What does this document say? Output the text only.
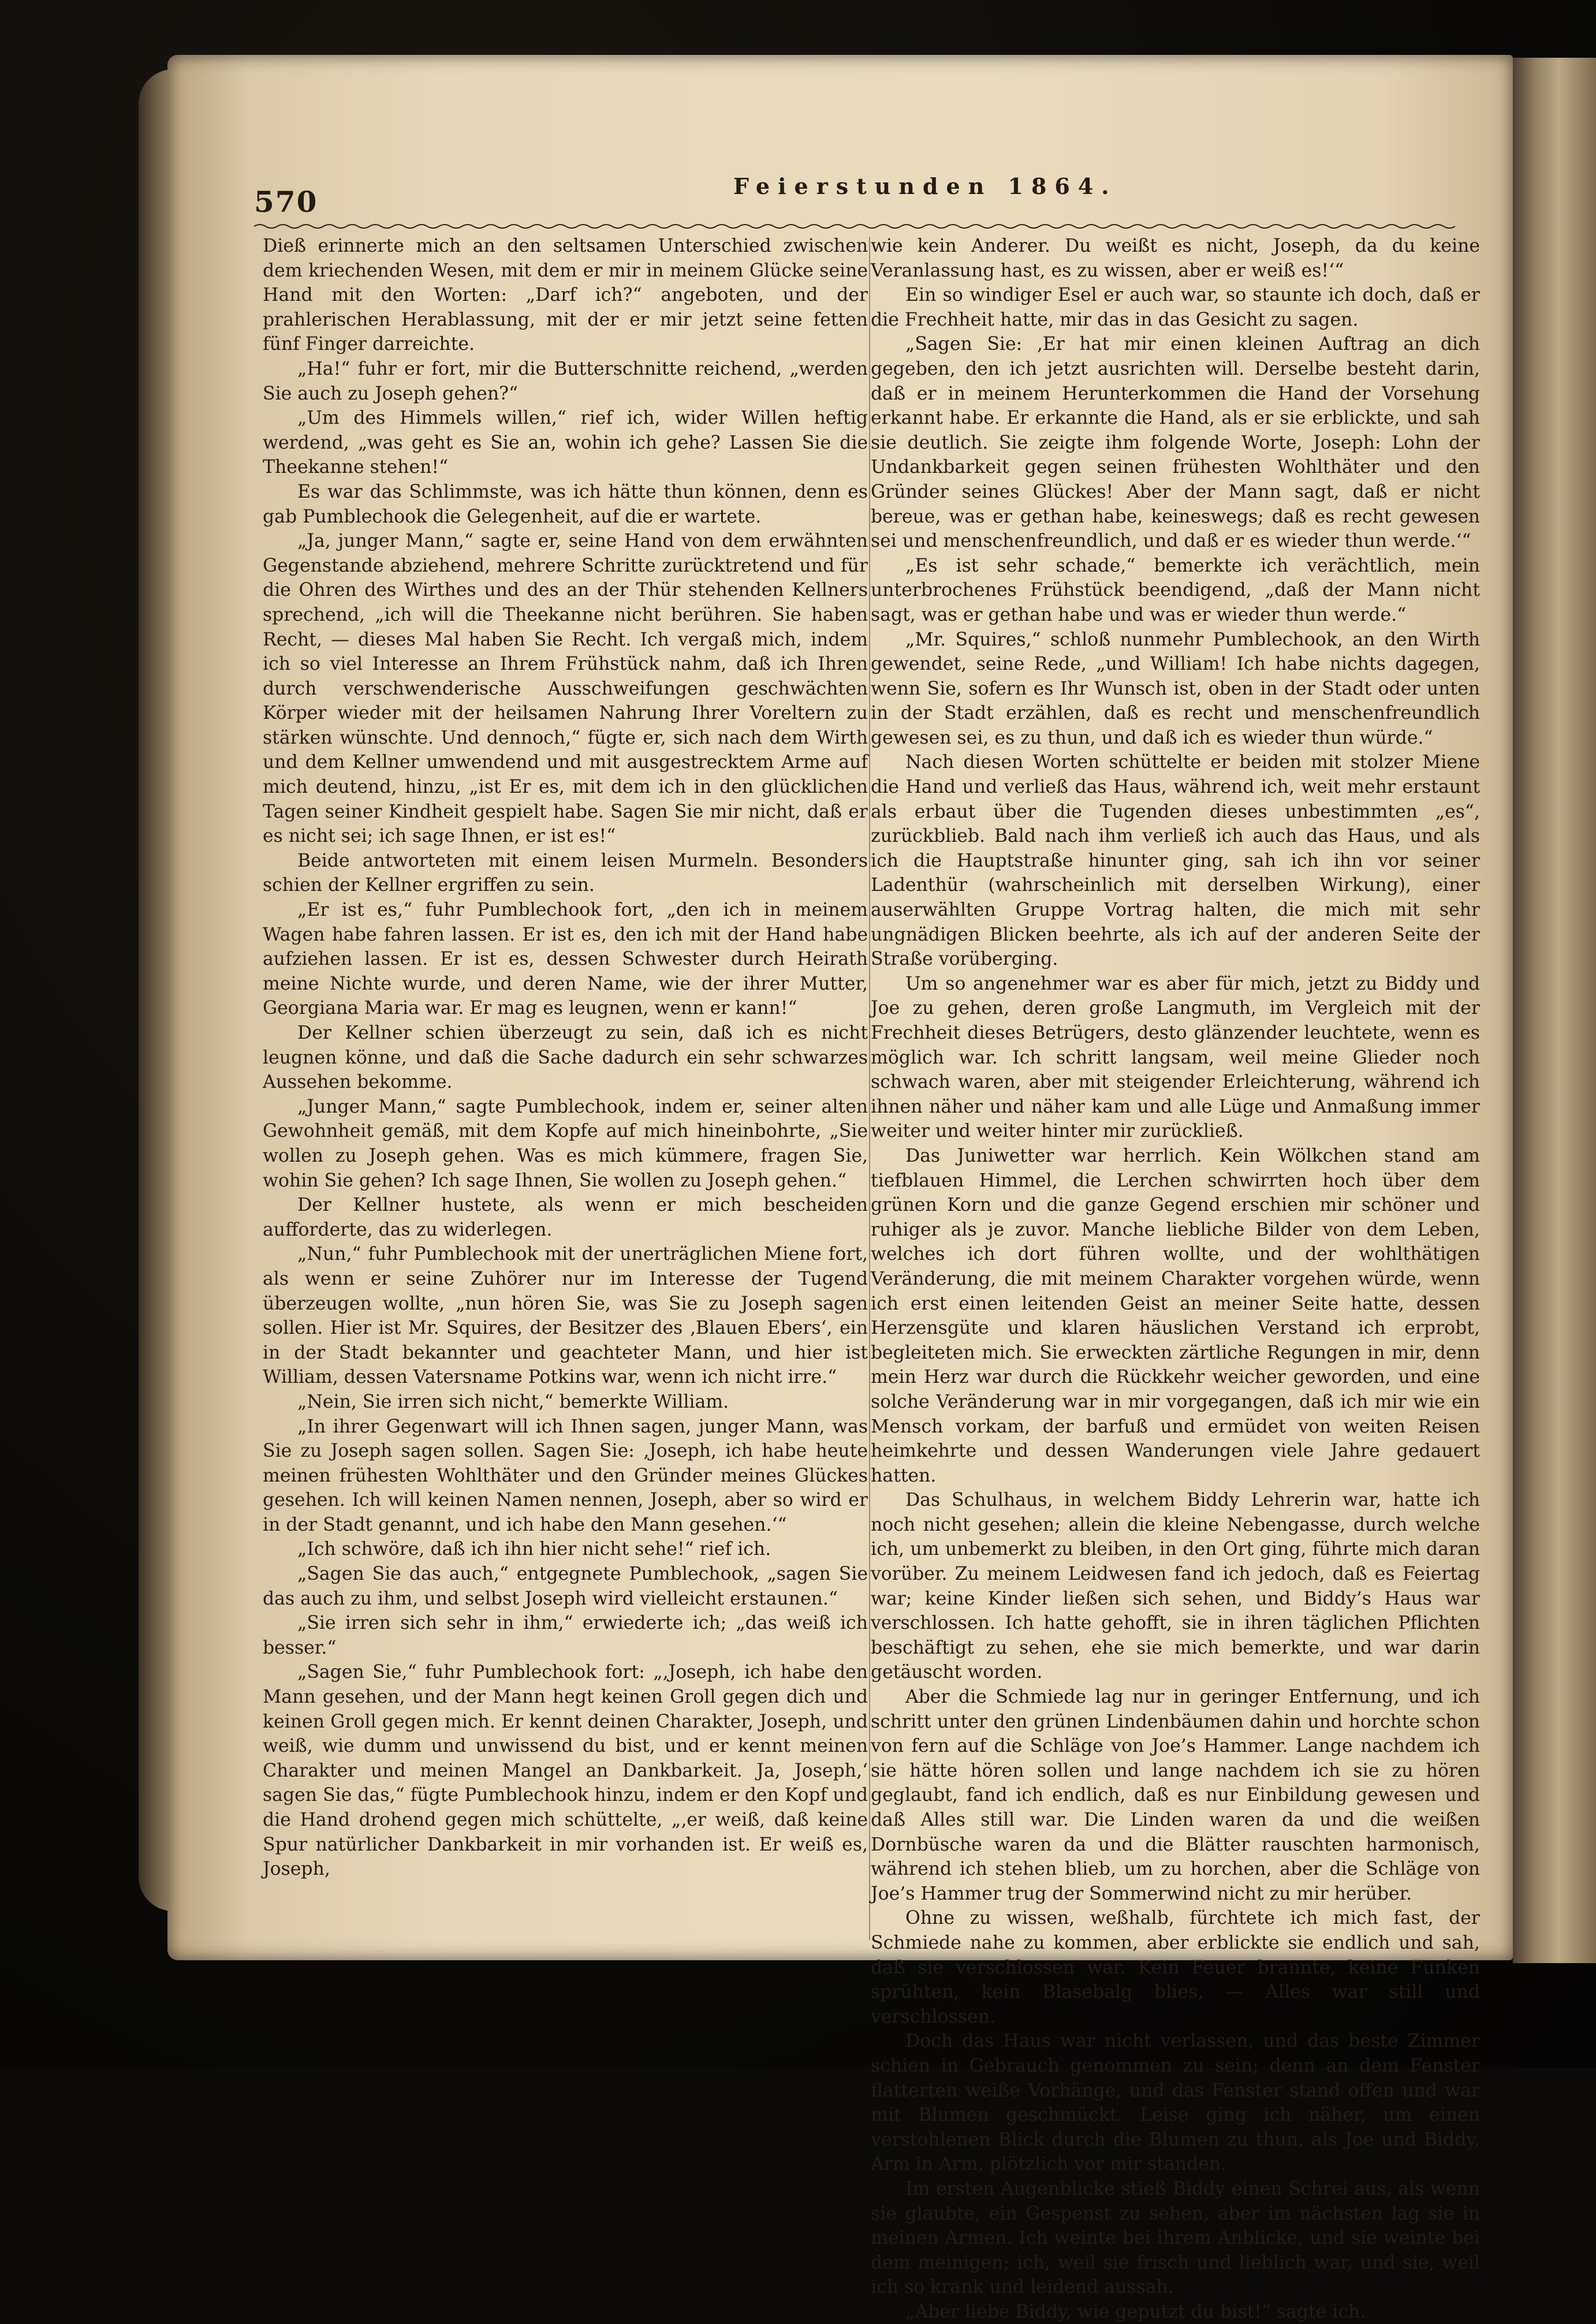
570	Feierstunden 1864.

Dieß erinnerte mich an den seltsamen Unterschied zwischen dem kriechenden Wesen, mit dem er mir in meinem Glücke seine Hand mit den Worten: „Darf ich?“ angeboten, und der prahlerischen Herablassung, mit der er mir jetzt seine fetten fünf Finger darreichte.

„Ha!“ fuhr er fort, mir die Butterschnitte reichend, „werden Sie auch zu Joseph gehen?“

„Um des Himmels willen,“ rief ich, wider Willen heftig werdend, „was geht es Sie an, wohin ich gehe? Lassen Sie die Theekanne stehen!“

Es war das Schlimmste, was ich hätte thun können, denn es gab Pumblechook die Gelegenheit, auf die er wartete.

„Ja, junger Mann,“ sagte er, seine Hand von dem erwähnten Gegenstande abziehend, mehrere Schritte zurücktretend und für die Ohren des Wirthes und des an der Thür stehenden Kellners sprechend, „ich will die Theekanne nicht berühren. Sie haben Recht, — dieses Mal haben Sie Recht. Ich vergaß mich, indem ich so viel Interesse an Ihrem Frühstück nahm, daß ich Ihren durch verschwenderische Ausschweifungen geschwächten Körper wieder mit der heilsamen Nahrung Ihrer Voreltern zu stärken wünschte. Und dennoch,“ fügte er, sich nach dem Wirth und dem Kellner umwendend und mit ausgestrecktem Arme auf mich deutend, hinzu, „ist Er es, mit dem ich in den glücklichen Tagen seiner Kindheit gespielt habe. Sagen Sie mir nicht, daß er es nicht sei; ich sage Ihnen, er ist es!“

Beide antworteten mit einem leisen Murmeln. Besonders schien der Kellner ergriffen zu sein.

„Er ist es,“ fuhr Pumblechook fort, „den ich in meinem Wagen habe fahren lassen. Er ist es, den ich mit der Hand habe aufziehen lassen. Er ist es, dessen Schwester durch Heirath meine Nichte wurde, und deren Name, wie der ihrer Mutter, Georgiana Maria war. Er mag es leugnen, wenn er kann!“

Der Kellner schien überzeugt zu sein, daß ich es nicht leugnen könne, und daß die Sache dadurch ein sehr schwarzes Aussehen bekomme.

„Junger Mann,“ sagte Pumblechook, indem er, seiner alten Gewohnheit gemäß, mit dem Kopfe auf mich hineinbohrte, „Sie wollen zu Joseph gehen. Was es mich kümmere, fragen Sie, wohin Sie gehen? Ich sage Ihnen, Sie wollen zu Joseph gehen.“

Der Kellner hustete, als wenn er mich bescheiden aufforderte, das zu widerlegen.

„Nun,“ fuhr Pumblechook mit der unerträglichen Miene fort, als wenn er seine Zuhörer nur im Interesse der Tugend überzeugen wollte, „nun hören Sie, was Sie zu Joseph sagen sollen. Hier ist Mr. Squires, der Besitzer des ‚Blauen Ebers‘, ein in der Stadt bekannter und geachteter Mann, und hier ist William, dessen Vatersname Potkins war, wenn ich nicht irre.“

„Nein, Sie irren sich nicht,“ bemerkte William.

„In ihrer Gegenwart will ich Ihnen sagen, junger Mann, was Sie zu Joseph sagen sollen. Sagen Sie: ‚Joseph, ich habe heute meinen frühesten Wohlthäter und den Gründer meines Glückes gesehen. Ich will keinen Namen nennen, Joseph, aber so wird er in der Stadt genannt, und ich habe den Mann gesehen.‘“

„Ich schwöre, daß ich ihn hier nicht sehe!“ rief ich.

„Sagen Sie das auch,“ entgegnete Pumblechook, „sagen Sie das auch zu ihm, und selbst Joseph wird vielleicht erstaunen.“

„Sie irren sich sehr in ihm,“ erwiederte ich; „das weiß ich besser.“

„Sagen Sie,“ fuhr Pumblechook fort: „‚Joseph, ich habe den Mann gesehen, und der Mann hegt keinen Groll gegen dich und keinen Groll gegen mich. Er kennt deinen Charakter, Joseph, und weiß, wie dumm und unwissend du bist, und er kennt meinen Charakter und meinen Mangel an Dankbarkeit. Ja, Joseph,‘ sagen Sie das,“ fügte Pumblechook hinzu, indem er den Kopf und die Hand drohend gegen mich schüttelte, „‚er weiß, daß keine Spur natürlicher Dankbarkeit in mir vorhanden ist. Er weiß es, Joseph,

wie kein Anderer. Du weißt es nicht, Joseph, da du keine Veranlassung hast, es zu wissen, aber er weiß es!‘“

Ein so windiger Esel er auch war, so staunte ich doch, daß er die Frechheit hatte, mir das in das Gesicht zu sagen.

„Sagen Sie: ‚Er hat mir einen kleinen Auftrag an dich gegeben, den ich jetzt ausrichten will. Derselbe besteht darin, daß er in meinem Herunterkommen die Hand der Vorsehung erkannt habe. Er erkannte die Hand, als er sie erblickte, und sah sie deutlich. Sie zeigte ihm folgende Worte, Joseph: Lohn der Undankbarkeit gegen seinen frühesten Wohlthäter und den Gründer seines Glückes! Aber der Mann sagt, daß er nicht bereue, was er gethan habe, keineswegs; daß es recht gewesen sei und menschenfreundlich, und daß er es wieder thun werde.‘“

„Es ist sehr schade,“ bemerkte ich verächtlich, mein unterbrochenes Frühstück beendigend, „daß der Mann nicht sagt, was er gethan habe und was er wieder thun werde.“

„Mr. Squires,“ schloß nunmehr Pumblechook, an den Wirth gewendet, seine Rede, „und William! Ich habe nichts dagegen, wenn Sie, sofern es Ihr Wunsch ist, oben in der Stadt oder unten in der Stadt erzählen, daß es recht und menschenfreundlich gewesen sei, es zu thun, und daß ich es wieder thun würde.“

Nach diesen Worten schüttelte er beiden mit stolzer Miene die Hand und verließ das Haus, während ich, weit mehr erstaunt als erbaut über die Tugenden dieses unbestimmten „es“, zurückblieb. Bald nach ihm verließ ich auch das Haus, und als ich die Hauptstraße hinunter ging, sah ich ihn vor seiner Ladenthür (wahrscheinlich mit derselben Wirkung), einer auserwählten Gruppe Vortrag halten, die mich mit sehr ungnädigen Blicken beehrte, als ich auf der anderen Seite der Straße vorüberging.

Um so angenehmer war es aber für mich, jetzt zu Biddy und Joe zu gehen, deren große Langmuth, im Vergleich mit der Frechheit dieses Betrügers, desto glänzender leuchtete, wenn es möglich war. Ich schritt langsam, weil meine Glieder noch schwach waren, aber mit steigender Erleichterung, während ich ihnen näher und näher kam und alle Lüge und Anmaßung immer weiter und weiter hinter mir zurückließ.

Das Juniwetter war herrlich. Kein Wölkchen stand am tiefblauen Himmel, die Lerchen schwirrten hoch über dem grünen Korn und die ganze Gegend erschien mir schöner und ruhiger als je zuvor. Manche liebliche Bilder von dem Leben, welches ich dort führen wollte, und der wohlthätigen Veränderung, die mit meinem Charakter vorgehen würde, wenn ich erst einen leitenden Geist an meiner Seite hatte, dessen Herzensgüte und klaren häuslichen Verstand ich erprobt, begleiteten mich. Sie erweckten zärtliche Regungen in mir, denn mein Herz war durch die Rückkehr weicher geworden, und eine solche Veränderung war in mir vorgegangen, daß ich mir wie ein Mensch vorkam, der barfuß und ermüdet von weiten Reisen heimkehrte und dessen Wanderungen viele Jahre gedauert hatten.

Das Schulhaus, in welchem Biddy Lehrerin war, hatte ich noch nicht gesehen; allein die kleine Nebengasse, durch welche ich, um unbemerkt zu bleiben, in den Ort ging, führte mich daran vorüber. Zu meinem Leidwesen fand ich jedoch, daß es Feiertag war; keine Kinder ließen sich sehen, und Biddy’s Haus war verschlossen. Ich hatte gehofft, sie in ihren täglichen Pflichten beschäftigt zu sehen, ehe sie mich bemerkte, und war darin getäuscht worden.

Aber die Schmiede lag nur in geringer Entfernung, und ich schritt unter den grünen Lindenbäumen dahin und horchte schon von fern auf die Schläge von Joe’s Hammer. Lange nachdem ich sie hätte hören sollen und lange nachdem ich sie zu hören geglaubt, fand ich endlich, daß es nur Einbildung gewesen und daß Alles still war. Die Linden waren da und die weißen Dornbüsche waren da und die Blätter rauschten harmonisch, während ich stehen blieb, um zu horchen, aber die Schläge von Joe’s Hammer trug der Sommerwind nicht zu mir herüber.

Ohne zu wissen, weßhalb, fürchtete ich mich fast, der Schmiede nahe zu kommen, aber erblickte sie endlich und sah, daß sie verschlossen war. Kein Feuer brannte, keine Funken sprühten, kein Blasebalg blies, — Alles war still und verschlossen.

Doch das Haus war nicht verlassen, und das beste Zimmer schien in Gebrauch genommen zu sein; denn an dem Fenster flatterten weiße Vorhänge, und das Fenster stand offen und war mit Blumen geschmückt. Leise ging ich näher, um einen verstohlenen Blick durch die Blumen zu thun, als Joe und Biddy, Arm in Arm, plötzlich vor mir standen.

Im ersten Augenblicke stieß Biddy einen Schrei aus, als wenn sie glaubte, ein Gespenst zu sehen, aber im nächsten lag sie in meinen Armen. Ich weinte bei ihrem Anblicke, und sie weinte bei dem meinigen; ich, weil sie frisch und lieblich war, und sie, weil ich so krank und leidend aussah.

„Aber liebe Biddy, wie geputzt du bist!“ sagte ich.
